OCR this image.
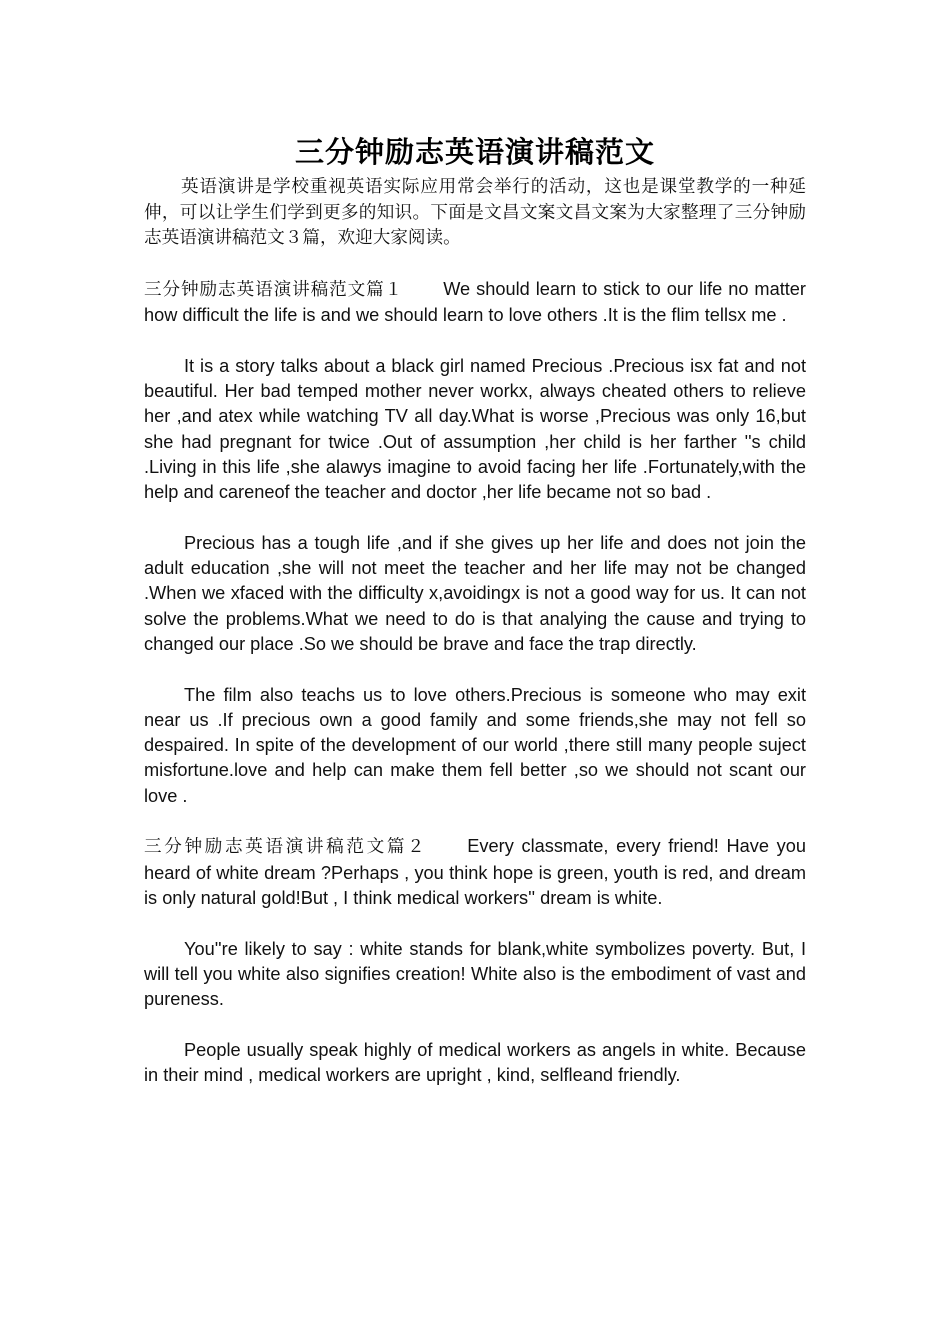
三分钟励志英语演讲稿范文

英语演讲是学校重视英语实际应用常会举行的活动，这也是课堂教学的一种延伸，可以让学生们学到更多的知识。下面是文昌文案文昌文案为大家整理了三分钟励志英语演讲稿范文３篇，欢迎大家阅读。

三分钟励志英语演讲稿范文篇１ We should learn to stick to our life no matter how difficult the life is and we should learn to love others .It is the flim tellsx me .

It is a story talks about a black girl named Precious .Precious isx fat and not beautiful. Her bad temped mother never workx, always cheated others to relieve her ,and atex while watching TV all day.What is worse ,Precious was only 16,but she had pregnant for twice .Out of assumption ,her child is her farther ''s child .Living in this life ,she alawys imagine to avoid facing her life .Fortunately,with the help and careneof the teacher and doctor ,her life became not so bad .

Precious has a tough life ,and if she gives up her life and does not join the adult education ,she will not meet the teacher and her life may not be changed .When we xfaced with the difficulty x,avoidingx is not a good way for us. It can not solve the problems.What we need to do is that analying the cause and trying to changed our place .So we should be brave and face the trap directly.

The film also teachs us to love others.Precious is someone who may exit near us .If precious own a good family and some friends,she may not fell so despaired. In spite of the development of our world ,there still many people suject misfortune.love and help can make them fell better ,so we should not scant our love .

三分钟励志英语演讲稿范文篇２ Every classmate, every friend! Have you heard of white dream ?Perhaps , you think hope is green, youth is red, and dream is only natural gold!But , I think medical workers'' dream is white.

You''re likely to say : white stands for blank,white symbolizes poverty. But, I will tell you white also signifies creation! White also is the embodiment of vast and pureness.

People usually speak highly of medical workers as angels in white. Because in their mind , medical workers are upright , kind, selfleand friendly.
